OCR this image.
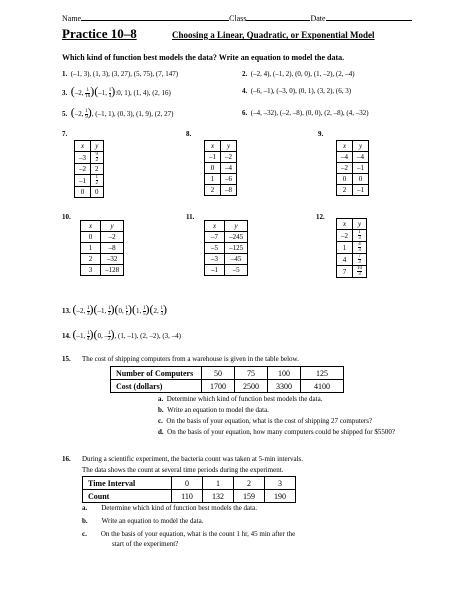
Name	Class	Date
Practice 10–8	Choosing a Linear, Quadratic, or Exponential Model
Which kind of function best models the data? Write an equation to model the data.
1. (–1, 3), (1, 3), (3, 27), (5, 75), (7, 147)	2. (–2, 4), (–1, 2), (0, 0), (1, –2), (2, –4)
3. (–2, $\frac{1}{16} )(-1$, $\frac{1}{4}$ ):0, 1), (1, 4), (2, 16)	4. (–6, –1), (–3, 0), (0, 1), (3, 2), (6, 3)
5. (–2, $\frac{1}{9}$ ), (–1, 1), (0, 3), (1, 9), (2, 27)	6. (–4, –32), (–2, –8), (0, 0), (2, –8), (4, –32)
7.
x	y
–3	$\frac{9}{2}$

–2	2
–1	$\frac{1}{2}$

0	0
8.
x	y
–1	–2
0	–4
1	–6
2	–8
9.
x	y
–4	–4
–2	–1
0	0
2	–1
10.
x	y
0	–2
1	–8
2	–32
3	–128
11.
x	y
–7	–245
–5	–125
–3	–45
–1	–5
12.
x	y
–2	$\frac{1}{3}$

1	$\frac{4}{3}$

4	$\frac{7}{3}$

7	$\frac{10}{3}$
13. (–2, $\frac{1}{3} )(-1$, $\frac{1}{2} )(0$, $\frac{1}{1} )(1$, $\frac{1}{5} )(2$, $\frac{1}{3}$ )
14. (–1, $\frac{1}{4} )(0$, – $\frac{1}{2}$ ), (1, –1), (2, –2), (3, –4)
15. The cost of shipping computers from a warehouse is given in the table below.
Number of Computers	50	75	100	125
Cost (dollars)	1700	2500	3300	4100
a. Determine which kind of function best models the data.
b. Write an equation to model the data.
c. On the basis of your equation, what is the cost of shipping 27 computers?
d. On the basis of your equation, how many computers could be shipped for $5500?
16. During a scientific experiment, the bacteria count was taken at 5-min intervals.
The data shows the count at several time periods during the experiment.
Time Interval	0	1	2	3
Count	110	132	159	190
a. Determine which kind of function best models the data.
b. Write an equation to model the data.
c. On the basis of your equation, what is the count 1 hr, 45 min after the
start of the experiment?
